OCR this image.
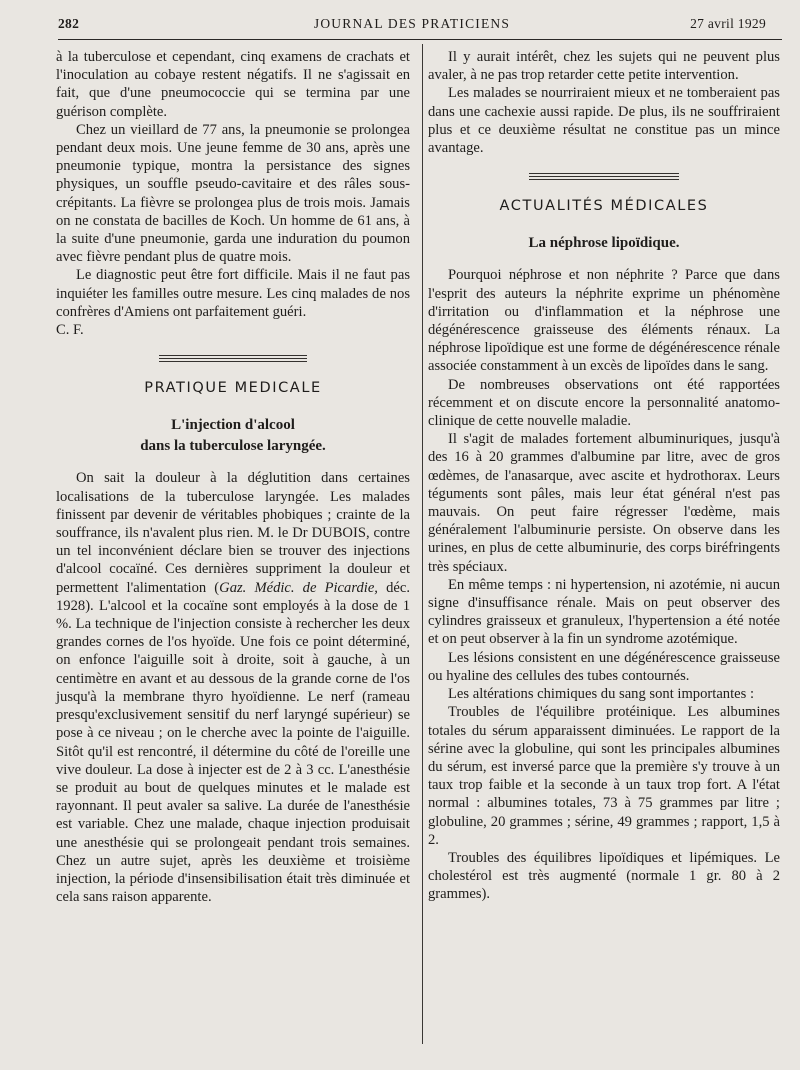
282	JOURNAL DES PRATICIENS	27 avril 1929

à la tuberculose et cependant, cinq examens de crachats et l'inoculation au cobaye restent négatifs. Il ne s'agissait en fait, que d'une pneumococcie qui se termina par une guérison complète.

Chez un vieillard de 77 ans, la pneumonie se prolongea pendant deux mois. Une jeune femme de 30 ans, après une pneumonie typique, montra la persistance des signes physiques, un souffle pseudo-cavitaire et des râles sous-crépitants. La fièvre se prolongea plus de trois mois. Jamais on ne constata de bacilles de Koch. Un homme de 61 ans, à la suite d'une pneumonie, garda une induration du poumon avec fièvre pendant plus de quatre mois.

Le diagnostic peut être fort difficile. Mais il ne faut pas inquiéter les familles outre mesure. Les cinq malades de nos confrères d'Amiens ont parfaitement guéri.

C. F.

PRATIQUE MEDICALE
L'injection d'alcool
dans la tuberculose laryngée.

On sait la douleur à la déglutition dans certaines localisations de la tuberculose laryngée. Les malades finissent par devenir de véritables phobiques ; crainte de la souffrance, ils n'avalent plus rien. M. le Dr DUBOIS, contre un tel inconvénient déclare bien se trouver des injections d'alcool cocaïné. Ces dernières suppriment la douleur et permettent l'alimentation (Gaz. Médic. de Picardie, déc. 1928). L'alcool et la cocaïne sont employés à la dose de 1 %. La technique de l'injection consiste à rechercher les deux grandes cornes de l'os hyoïde. Une fois ce point déterminé, on enfonce l'aiguille soit à droite, soit à gauche, à un centimètre en avant et au dessous de la grande corne de l'os jusqu'à la membrane thyro hyoïdienne. Le nerf (rameau presqu'exclusivement sensitif du nerf laryngé supérieur) se pose à ce niveau ; on le cherche avec la pointe de l'aiguille. Sitôt qu'il est rencontré, il détermine du côté de l'oreille une vive douleur. La dose à injecter est de 2 à 3 cc. L'anesthésie se produit au bout de quelques minutes et le malade est rayonnant. Il peut avaler sa salive. La durée de l'anesthésie est variable. Chez une malade, chaque injection produisait une anesthésie qui se prolongeait pendant trois semaines. Chez un autre sujet, après les deuxième et troisième injection, la période d'insensibilisation était très diminuée et cela sans raison apparente.

Il y aurait intérêt, chez les sujets qui ne peuvent plus avaler, à ne pas trop retarder cette petite intervention.

Les malades se nourriraient mieux et ne tomberaient pas dans une cachexie aussi rapide. De plus, ils ne souffriraient plus et ce deuxième résultat ne constitue pas un mince avantage.

ACTUALITÉS MÉDICALES
La néphrose lipoïdique.

Pourquoi néphrose et non néphrite ? Parce que dans l'esprit des auteurs la néphrite exprime un phénomène d'irritation ou d'inflammation et la néphrose une dégénérescence graisseuse des éléments rénaux. La néphrose lipoïdique est une forme de dégénérescence rénale associée constamment à un excès de lipoïdes dans le sang.

De nombreuses observations ont été rapportées récemment et on discute encore la personnalité anatomo-clinique de cette nouvelle maladie.

Il s'agit de malades fortement albuminuriques, jusqu'à des 16 à 20 grammes d'albumine par litre, avec de gros œdèmes, de l'anasarque, avec ascite et hydrothorax. Leurs téguments sont pâles, mais leur état général n'est pas mauvais. On peut faire régresser l'œdème, mais généralement l'albuminurie persiste. On observe dans les urines, en plus de cette albuminurie, des corps biréfringents très spéciaux.

En même temps : ni hypertension, ni azotémie, ni aucun signe d'insuffisance rénale. Mais on peut observer des cylindres graisseux et granuleux, l'hypertension a été notée et on peut observer à la fin un syndrome azotémique.

Les lésions consistent en une dégénérescence graisseuse ou hyaline des cellules des tubes contournés.

Les altérations chimiques du sang sont importantes :

Troubles de l'équilibre protéinique. Les albumines totales du sérum apparaissent diminuées. Le rapport de la sérine avec la globuline, qui sont les principales albumines du sérum, est inversé parce que la première s'y trouve à un taux trop faible et la seconde à un taux trop fort. A l'état normal : albumines totales, 73 à 75 grammes par litre ; globuline, 20 grammes ; sérine, 49 grammes ; rapport, 1,5 à 2.

Troubles des équilibres lipoïdiques et lipémiques. Le cholestérol est très augmenté (normale 1 gr. 80 à 2 grammes).
